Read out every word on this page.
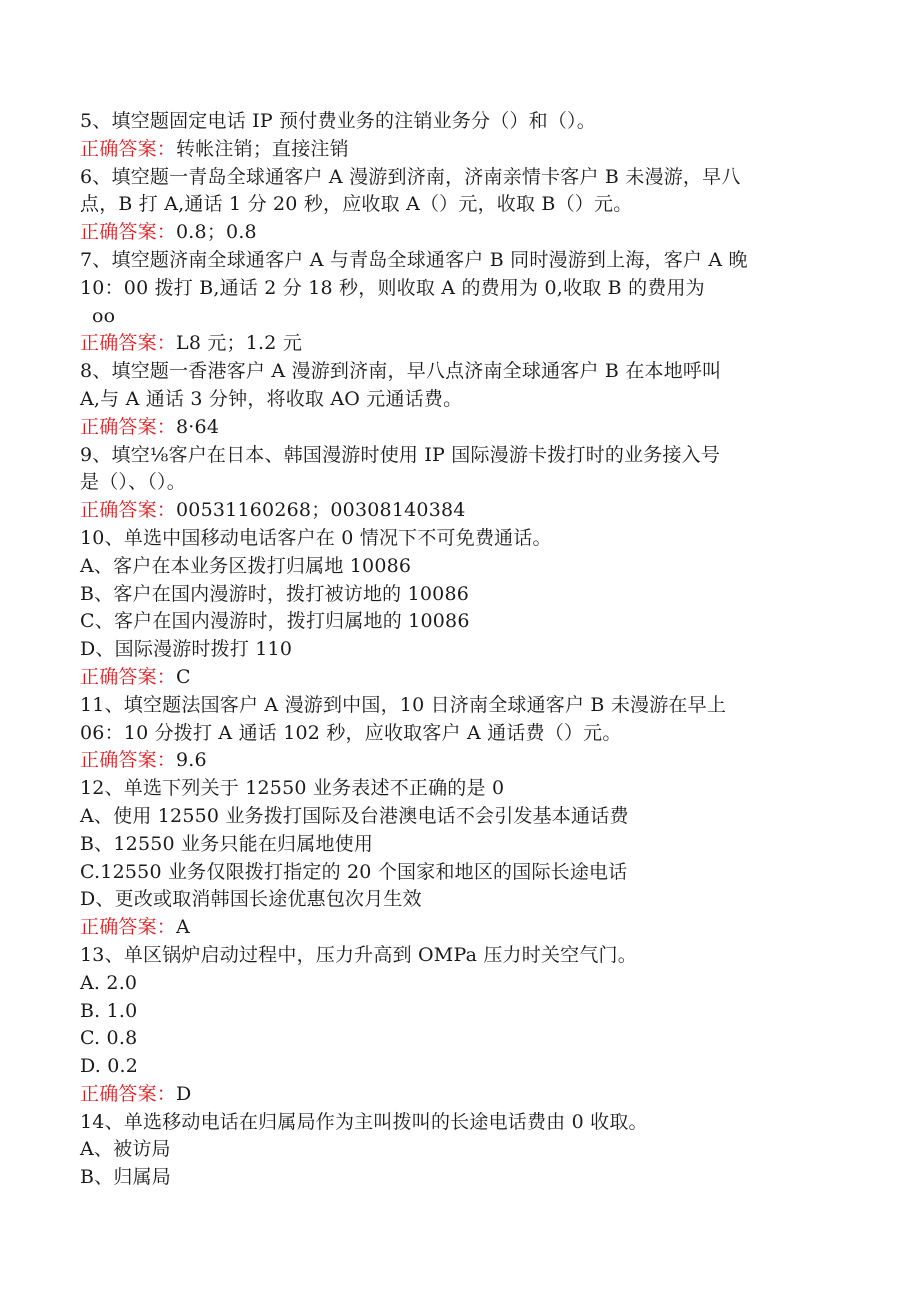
5、填空题固定电话 IP 预付费业务的注销业务分（）和（）。
正确答案：转帐注销；直接注销
6、填空题一青岛全球通客户 A 漫游到济南，济南亲情卡客户 B 未漫游，早八
点，B 打 A,通话 1 分 20 秒，应收取 A（）元，收取 B（）元。
正确答案：0.8；0.8
7、填空题济南全球通客户 A 与青岛全球通客户 B 同时漫游到上海，客户 A 晚
10：00 拨打 B,通话 2 分 18 秒，则收取 A 的费用为 0,收取 B 的费用为
oo
正确答案：L8 元；1.2 元
8、填空题一香港客户 A 漫游到济南，早八点济南全球通客户 B 在本地呼叫
A,与 A 通话 3 分钟，将收取 AO 元通话费。
正确答案：8·64
9、填空⅛客户在日本、韩国漫游时使用 IP 国际漫游卡拨打时的业务接入号
是（）、（）。
正确答案：00531160268；00308140384
10、单选中国移动电话客户在 0 情况下不可免费通话。
A、客户在本业务区拨打归属地 10086
B、客户在国内漫游时，拨打被访地的 10086
C、客户在国内漫游时，拨打归属地的 10086
D、国际漫游时拨打 110
正确答案：C
11、填空题法国客户 A 漫游到中国，10 日济南全球通客户 B 未漫游在早上
06：10 分拨打 A 通话 102 秒，应收取客户 A 通话费（）元。
正确答案：9.6
12、单选下列关于 12550 业务表述不正确的是 0
A、使用 12550 业务拨打国际及台港澳电话不会引发基本通话费
B、12550 业务只能在归属地使用
C.12550 业务仅限拨打指定的 20 个国家和地区的国际长途电话
D、更改或取消韩国长途优惠包次月生效
正确答案：A
13、单区锅炉启动过程中，压力升高到 OMPa 压力时关空气门。
A. 2.0
B. 1.0
C. 0.8
D. 0.2
正确答案：D
14、单选移动电话在归属局作为主叫拨叫的长途电话费由 0 收取。
A、被访局
B、归属局
